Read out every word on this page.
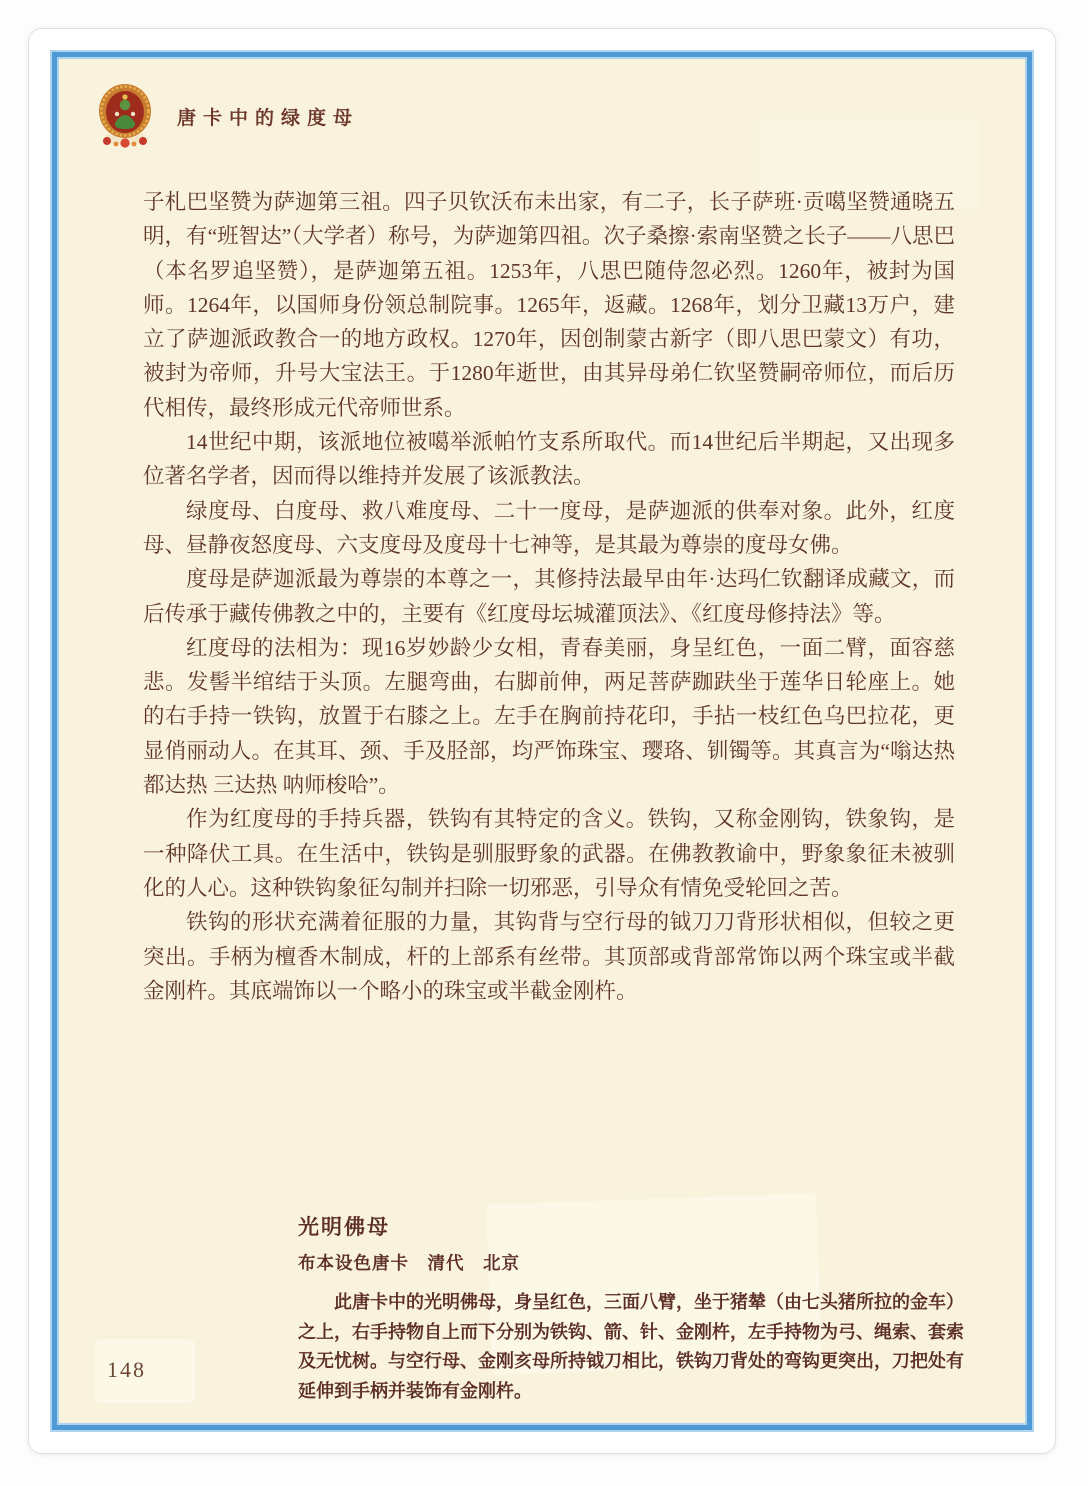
唐卡中的绿度母

子札巴坚赞为萨迦第三祖。四子贝钦沃布未出家，有二子，长子萨班·贡噶坚赞通晓五明，有“班智达”（大学者）称号，为萨迦第四祖。次子桑擦·索南坚赞之长子——八思巴（本名罗追坚赞），是萨迦第五祖。1253年，八思巴随侍忽必烈。1260年，被封为国师。1264年，以国师身份领总制院事。1265年，返藏。1268年，划分卫藏13万户，建立了萨迦派政教合一的地方政权。1270年，因创制蒙古新字（即八思巴蒙文）有功，被封为帝师，升号大宝法王。于1280年逝世，由其异母弟仁钦坚赞嗣帝师位，而后历代相传，最终形成元代帝师世系。

14世纪中期，该派地位被噶举派帕竹支系所取代。而14世纪后半期起，又出现多位著名学者，因而得以维持并发展了该派教法。

绿度母、白度母、救八难度母、二十一度母，是萨迦派的供奉对象。此外，红度母、昼静夜怒度母、六支度母及度母十七神等，是其最为尊崇的度母女佛。

度母是萨迦派最为尊崇的本尊之一，其修持法最早由年·达玛仁钦翻译成藏文，而后传承于藏传佛教之中的，主要有《红度母坛城灌顶法》、《红度母修持法》等。

红度母的法相为：现16岁妙龄少女相，青春美丽，身呈红色，一面二臂，面容慈悲。发髻半绾结于头顶。左腿弯曲，右脚前伸，两足菩萨跏趺坐于莲华日轮座上。她的右手持一铁钩，放置于右膝之上。左手在胸前持花印，手拈一枝红色乌巴拉花，更显俏丽动人。在其耳、颈、手及胫部，均严饰珠宝、璎珞、钏镯等。其真言为“嗡达热 都达热 三达热 呐师梭哈”。

作为红度母的手持兵器，铁钩有其特定的含义。铁钩，又称金刚钩，铁象钩，是一种降伏工具。在生活中，铁钩是驯服野象的武器。在佛教教谕中，野象象征未被驯化的人心。这种铁钩象征勾制并扫除一切邪恶，引导众有情免受轮回之苦。

铁钩的形状充满着征服的力量，其钩背与空行母的钺刀刀背形状相似，但较之更突出。手柄为檀香木制成，杆的上部系有丝带。其顶部或背部常饰以两个珠宝或半截金刚杵。其底端饰以一个略小的珠宝或半截金刚杵。

光明佛母
布本设色唐卡　清代　北京

此唐卡中的光明佛母，身呈红色，三面八臂，坐于猪辇（由七头猪所拉的金车）之上，右手持物自上而下分别为铁钩、箭、针、金刚杵，左手持物为弓、绳索、套索及无忧树。与空行母、金刚亥母所持钺刀相比，铁钩刀背处的弯钩更突出，刀把处有延伸到手柄并装饰有金刚杵。

148
